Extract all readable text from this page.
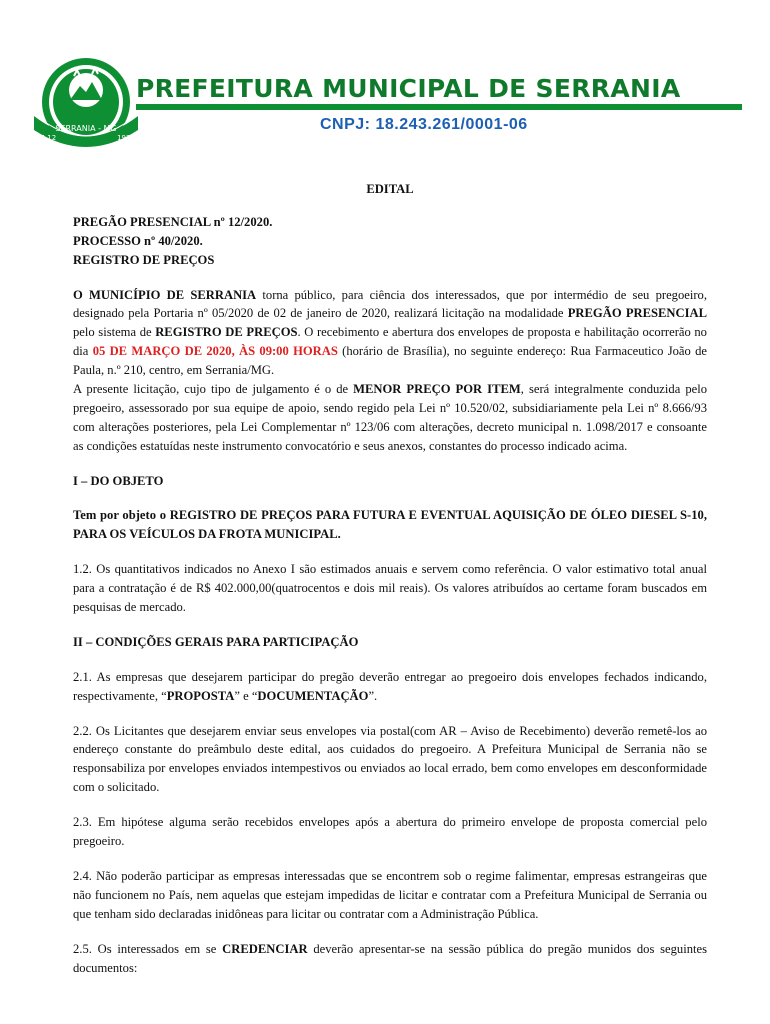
SERRANIA - MG
17-12	1938
PREFEITURA MUNICIPAL DE SERRANIA
CNPJ: 18.243.261/0001-06
EDITAL
PREGÃO PRESENCIAL nº 12/2020.
PROCESSO nº 40/2020.
REGISTRO DE PREÇOS

O MUNICÍPIO DE SERRANIA torna público, para ciência dos interessados, que por intermédio de seu pregoeiro, designado pela Portaria nº 05/2020 de 02 de janeiro de 2020, realizará licitação na modalidade PREGÃO PRESENCIAL pelo sistema de REGISTRO DE PREÇOS. O recebimento e abertura dos envelopes de proposta e habilitação ocorrerão no dia 05 DE MARÇO DE 2020, ÀS 09:00 HORAS (horário de Brasília), no seguinte endereço: Rua Farmaceutico João de Paula, n.º 210, centro, em Serrania/MG.

A presente licitação, cujo tipo de julgamento é o de MENOR PREÇO POR ITEM, será integralmente conduzida pelo pregoeiro, assessorado por sua equipe de apoio, sendo regido pela Lei nº 10.520/02, subsidiariamente pela Lei nº 8.666/93 com alterações posteriores, pela Lei Complementar nº 123/06 com alterações, decreto municipal n. 1.098/2017 e consoante as condições estatuídas neste instrumento convocatório e seus anexos, constantes do processo indicado acima.

I – DO OBJETO

Tem por objeto o REGISTRO DE PREÇOS PARA FUTURA E EVENTUAL AQUISIÇÃO DE ÓLEO DIESEL S-10, PARA OS VEÍCULOS DA FROTA MUNICIPAL.

1.2. Os quantitativos indicados no Anexo I são estimados anuais e servem como referência. O valor estimativo total anual para a contratação é de R$ 402.000,00(quatrocentos e dois mil reais). Os valores atribuídos ao certame foram buscados em pesquisas de mercado.

II – CONDIÇÕES GERAIS PARA PARTICIPAÇÃO

2.1. As empresas que desejarem participar do pregão deverão entregar ao pregoeiro dois envelopes fechados indicando, respectivamente, “PROPOSTA” e “DOCUMENTAÇÃO”.

2.2. Os Licitantes que desejarem enviar seus envelopes via postal(com AR – Aviso de Recebimento) deverão remetê-los ao endereço constante do preâmbulo deste edital, aos cuidados do pregoeiro. A Prefeitura Municipal de Serrania não se responsabiliza por envelopes enviados intempestivos ou enviados ao local errado, bem como envelopes em desconformidade com o solicitado.

2.3. Em hipótese alguma serão recebidos envelopes após a abertura do primeiro envelope de proposta comercial pelo pregoeiro.

2.4. Não poderão participar as empresas interessadas que se encontrem sob o regime falimentar, empresas estrangeiras que não funcionem no País, nem aquelas que estejam impedidas de licitar e contratar com a Prefeitura Municipal de Serrania ou que tenham sido declaradas inidôneas para licitar ou contratar com a Administração Pública.

2.5. Os interessados em se CREDENCIAR deverão apresentar-se na sessão pública do pregão munidos dos seguintes documentos:
